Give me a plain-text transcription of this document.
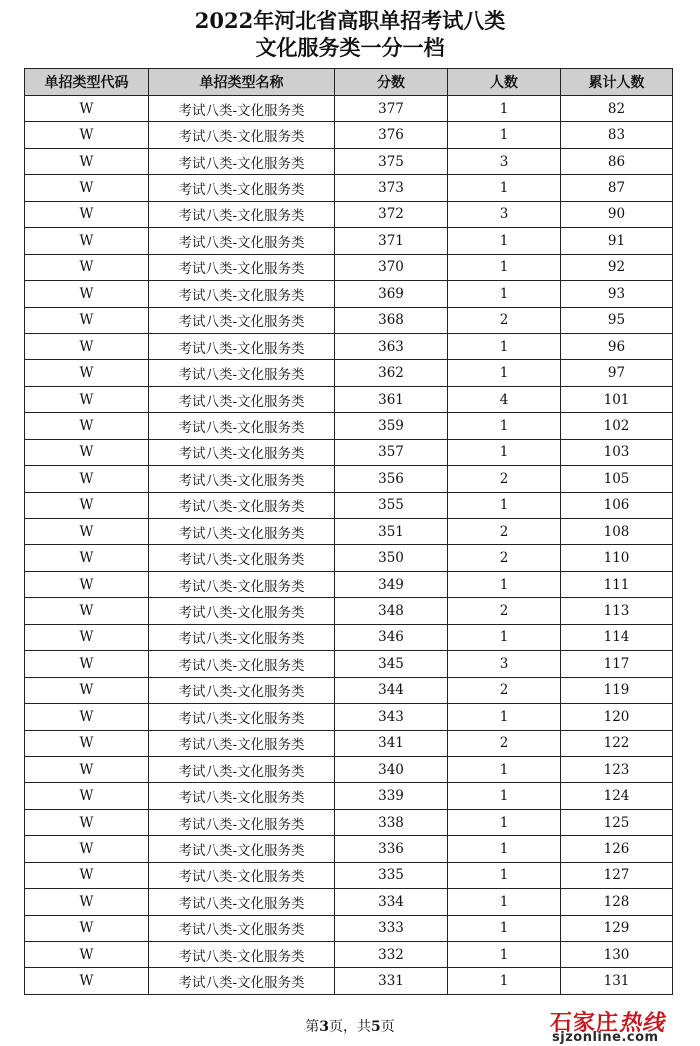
2022年河北省高职单招考试八类
文化服务类一分一档
单招类型代码	单招类型名称	分数	人数	累计人数
W	考试八类-文化服务类	377	1	82
W	考试八类-文化服务类	376	1	83
W	考试八类-文化服务类	375	3	86
W	考试八类-文化服务类	373	1	87
W	考试八类-文化服务类	372	3	90
W	考试八类-文化服务类	371	1	91
W	考试八类-文化服务类	370	1	92
W	考试八类-文化服务类	369	1	93
W	考试八类-文化服务类	368	2	95
W	考试八类-文化服务类	363	1	96
W	考试八类-文化服务类	362	1	97
W	考试八类-文化服务类	361	4	101
W	考试八类-文化服务类	359	1	102
W	考试八类-文化服务类	357	1	103
W	考试八类-文化服务类	356	2	105
W	考试八类-文化服务类	355	1	106
W	考试八类-文化服务类	351	2	108
W	考试八类-文化服务类	350	2	110
W	考试八类-文化服务类	349	1	111
W	考试八类-文化服务类	348	2	113
W	考试八类-文化服务类	346	1	114
W	考试八类-文化服务类	345	3	117
W	考试八类-文化服务类	344	2	119
W	考试八类-文化服务类	343	1	120
W	考试八类-文化服务类	341	2	122
W	考试八类-文化服务类	340	1	123
W	考试八类-文化服务类	339	1	124
W	考试八类-文化服务类	338	1	125
W	考试八类-文化服务类	336	1	126
W	考试八类-文化服务类	335	1	127
W	考试八类-文化服务类	334	1	128
W	考试八类-文化服务类	333	1	129
W	考试八类-文化服务类	332	1	130
W	考试八类-文化服务类	331	1	131
第3页，共5页	石家庄热线
sjzonline.com
